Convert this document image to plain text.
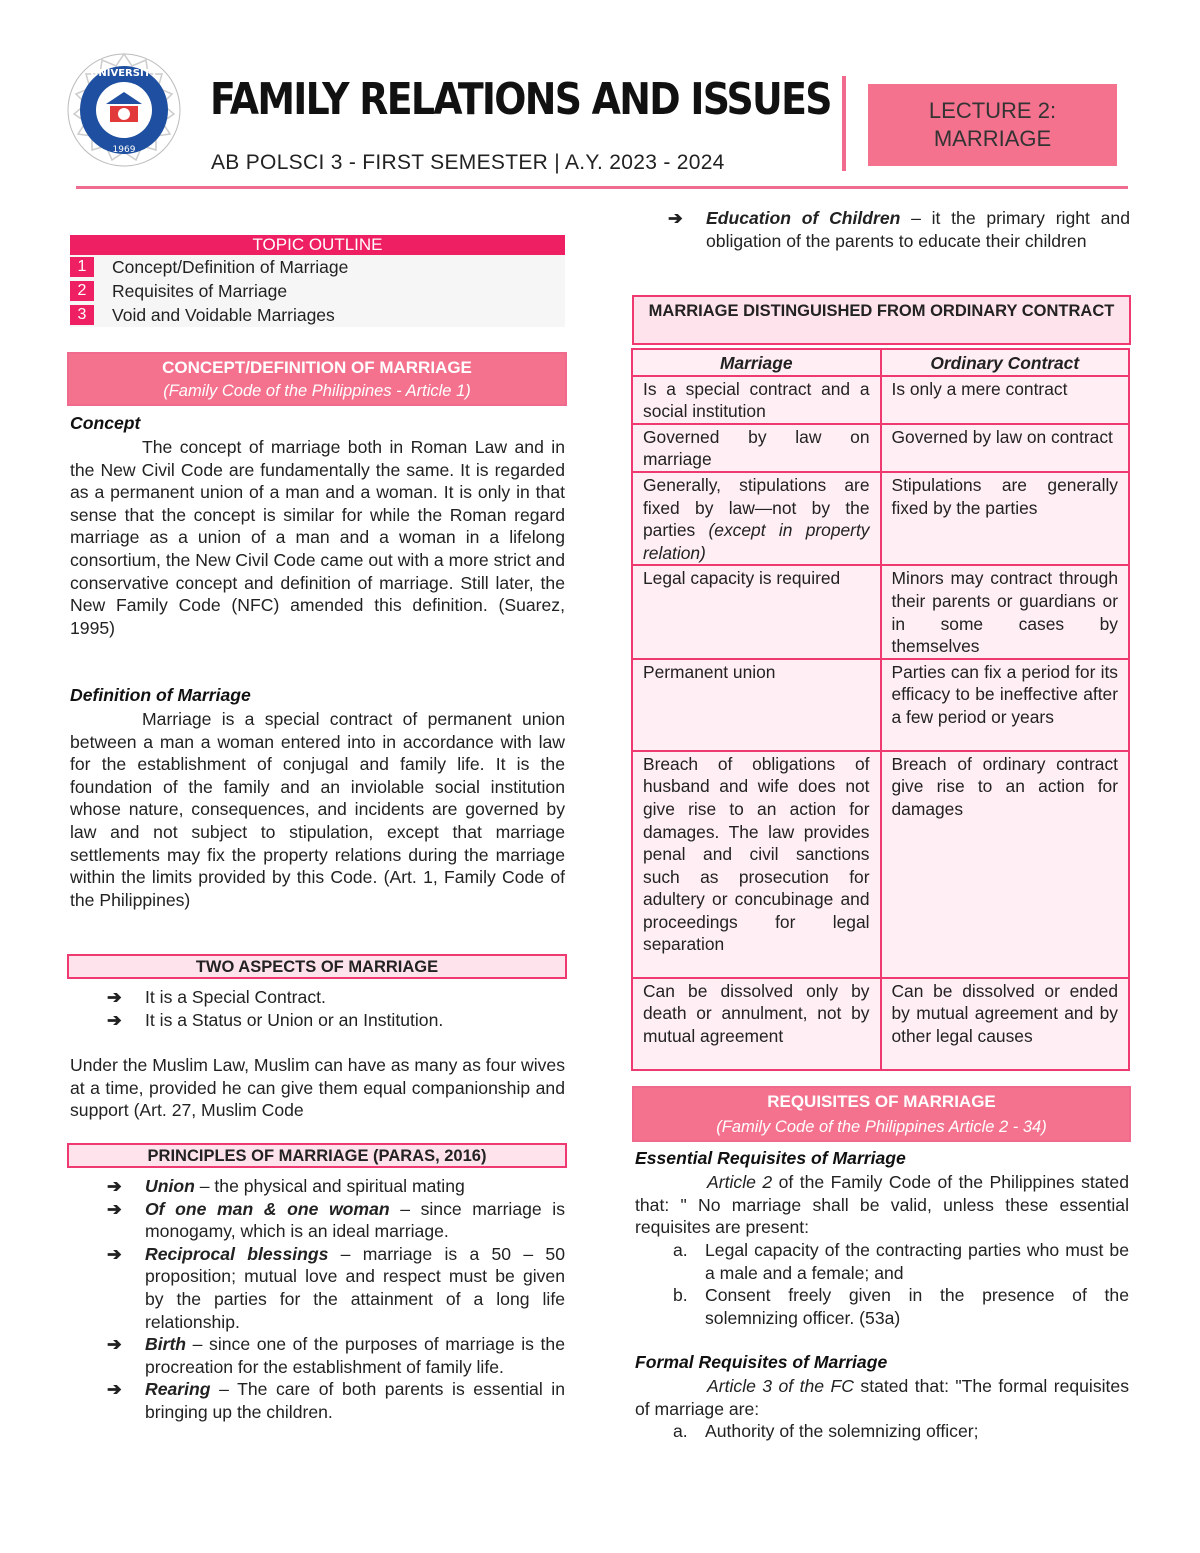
UNIVERSITY
1969
FAMILY RELATIONS AND ISSUES
AB POLSCI 3 - FIRST SEMESTER | A.Y. 2023 - 2024
LECTURE 2:
MARRIAGE
TOPIC OUTLINE
1	Concept/Definition of Marriage
2	Requisites of Marriage
3	Void and Voidable Marriages
CONCEPT/DEFINITION OF MARRIAGE
(Family Code of the Philippines - Article 1)
Concept
The concept of marriage both in Roman Law and in the New Civil Code are fundamentally the same. It is regarded as a permanent union of a man and a woman. It is only in that sense that the concept is similar for while the Roman regard marriage as a union of a man and a woman in a lifelong consortium, the New Civil Code came out with a more strict and conservative concept and definition of marriage. Still later, the New Family Code (NFC) amended this definition. (Suarez, 1995)
Definition of Marriage
Marriage is a special contract of permanent union between a man a woman entered into in accordance with law for the establishment of conjugal and family life. It is the foundation of the family and an inviolable social institution whose nature, consequences, and incidents are governed by law and not subject to stipulation, except that marriage settlements may fix the property relations during the marriage within the limits provided by this Code. (Art. 1, Family Code of the Philippines)
TWO ASPECTS OF MARRIAGE
➔ It is a Special Contract.
➔ It is a Status or Union or an Institution.
Under the Muslim Law, Muslim can have as many as four wives at a time, provided he can give them equal companionship and support (Art. 27, Muslim Code
PRINCIPLES OF MARRIAGE (PARAS, 2016)
➔ Union – the physical and spiritual mating
➔ Of one man & one woman – since marriage is monogamy, which is an ideal marriage.
➔ Reciprocal blessings – marriage is a 50 – 50 proposition; mutual love and respect must be given by the parties for the attainment of a long life relationship.
➔ Birth – since one of the purposes of marriage is the procreation for the establishment of family life.
➔ Rearing – The care of both parents is essential in bringing up the children.
➔ Education of Children – it the primary right and obligation of the parents to educate their children
MARRIAGE DISTINGUISHED FROM ORDINARY CONTRACT
Marriage	Ordinary Contract
Is a special contract and a social institution	Is only a mere contract
Governed by law on marriage	Governed by law on contract
Generally, stipulations are fixed by law—not by the parties (except in property relation)	Stipulations are generally fixed by the parties
Legal capacity is required	Minors may contract through their parents or guardians or in some cases by themselves
Permanent union	Parties can fix a period for its efficacy to be ineffective after a few period or years
Breach of obligations of husband and wife does not give rise to an action for damages. The law provides penal and civil sanctions such as prosecution for adultery or concubinage and proceedings for legal separation	Breach of ordinary contract give rise to an action for damages
Can be dissolved only by death or annulment, not by mutual agreement	Can be dissolved or ended by mutual agreement and by other legal causes
REQUISITES OF MARRIAGE
(Family Code of the Philippines Article 2 - 34)
Essential Requisites of Marriage
Article 2 of the Family Code of the Philippines stated that: " No marriage shall be valid, unless these essential requisites are present:
a. Legal capacity of the contracting parties who must be a male and a female; and
b. Consent freely given in the presence of the solemnizing officer. (53a)
Formal Requisites of Marriage
Article 3 of the FC stated that: "The formal requisites of marriage are:
a. Authority of the solemnizing officer;
